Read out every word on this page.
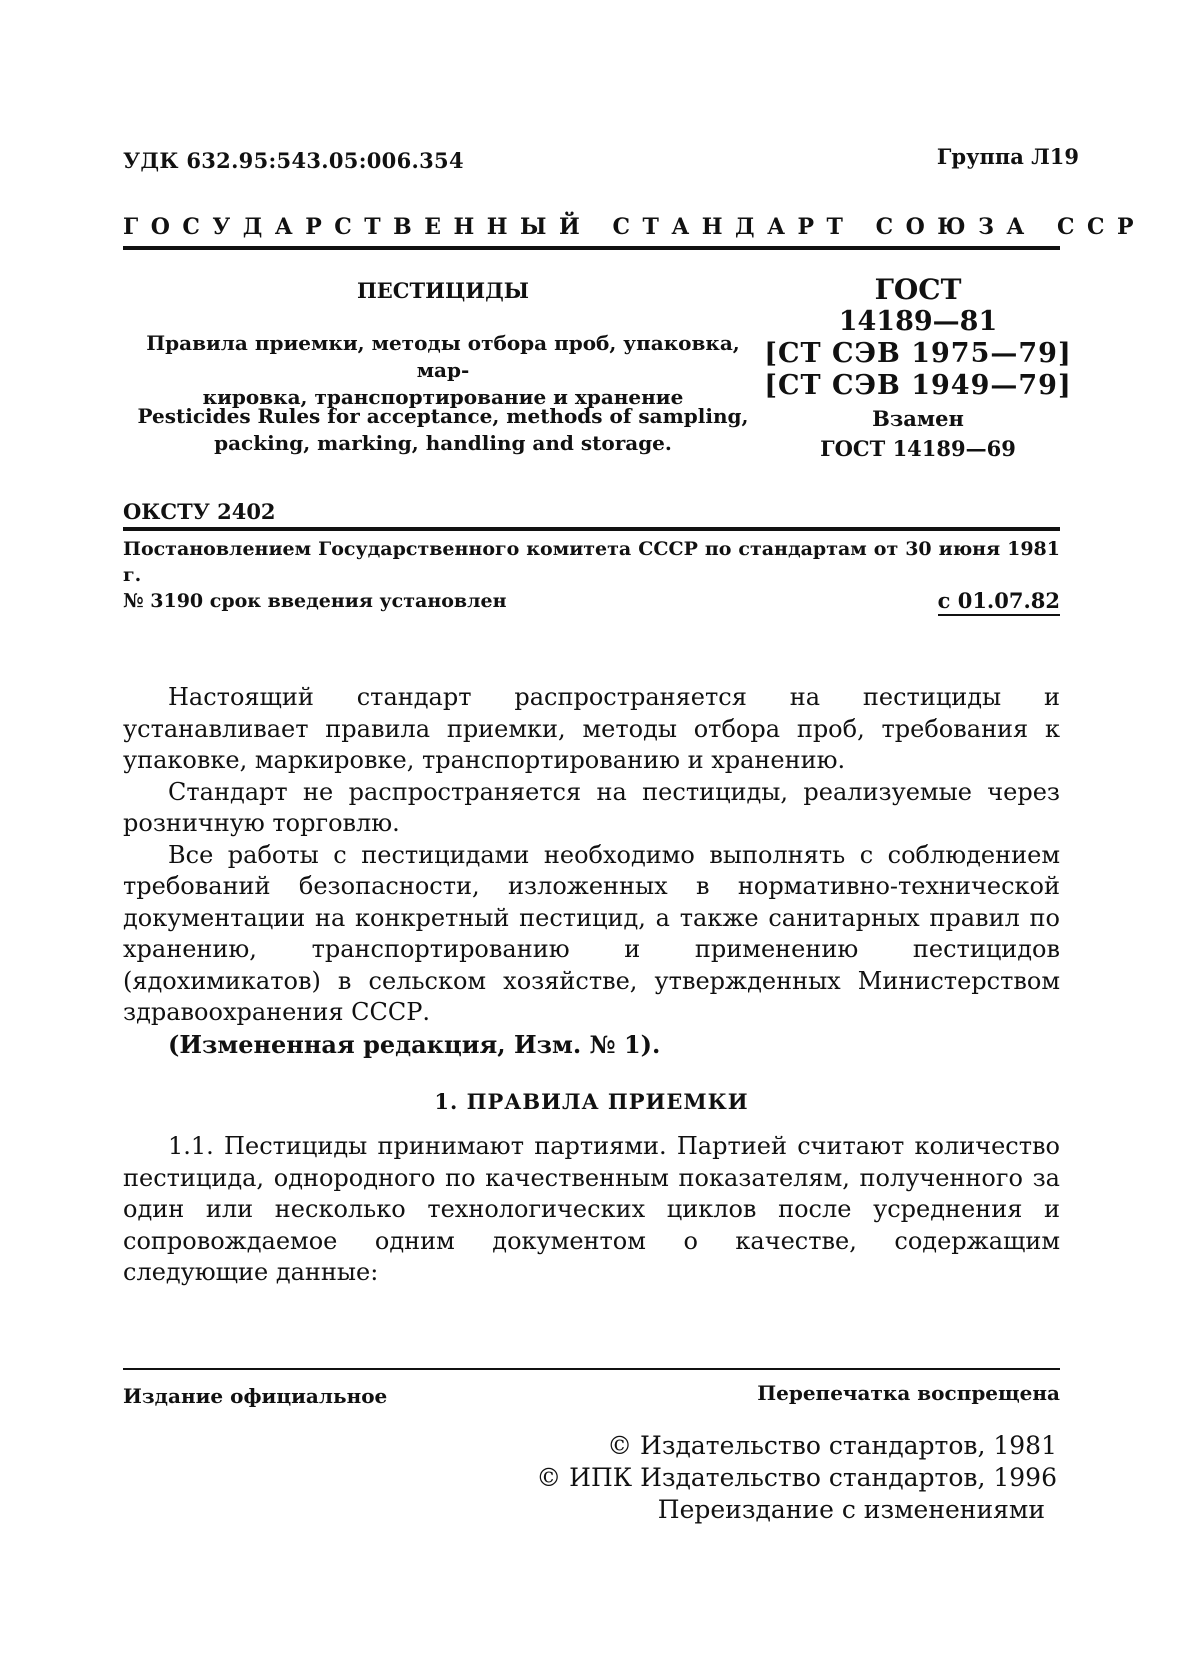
УДК 632.95:543.05:006.354	Группа Л19
ГОСУДАРСТВЕННЫЙ СТАНДАРТ СОЮЗА ССР
ПЕСТИЦИДЫ
Правила приемки, методы отбора проб, упаковка, мар-
кировка, транспортирование и хранение
Pesticides Rules for acceptance, methods of sampling,
packing, marking, handling and storage.
ГОСТ
14189—81
[СТ СЭВ 1975—79]
[СТ СЭВ 1949—79]
Взамен
ГОСТ 14189—69
ОКСТУ 2402
Постановлением Государственного комитета СССР по стандартам от 30 июня 1981 г.
№ 3190 срок введения установлен	с 01.07.82

Настоящий стандарт распространяется на пестициды и устанавливает правила приемки, методы отбора проб, требования к упаковке, маркировке, транспортированию и хранению.

Стандарт не распространяется на пестициды, реализуемые через розничную торговлю.

Все работы с пестицидами необходимо выполнять с соблюдением требований безопасности, изложенных в нормативно-технической документации на конкретный пестицид, а также санитарных правил по хранению, транспортированию и применению пестицидов (ядохимикатов) в сельском хозяйстве, утвержденных Министерством здравоохранения СССР.

(Измененная редакция, Изм. № 1).

1. ПРАВИЛА ПРИЕМКИ

1.1. Пестициды принимают партиями. Партией считают количество пестицида, однородного по качественным показателям, полученного за один или несколько технологических циклов после усреднения и сопровождаемое одним документом о качестве, содержащим следующие данные:

Издание официальное	Перепечатка воспрещена
© Издательство стандартов, 1981
© ИПК Издательство стандартов, 1996
Переиздание с изменениями
